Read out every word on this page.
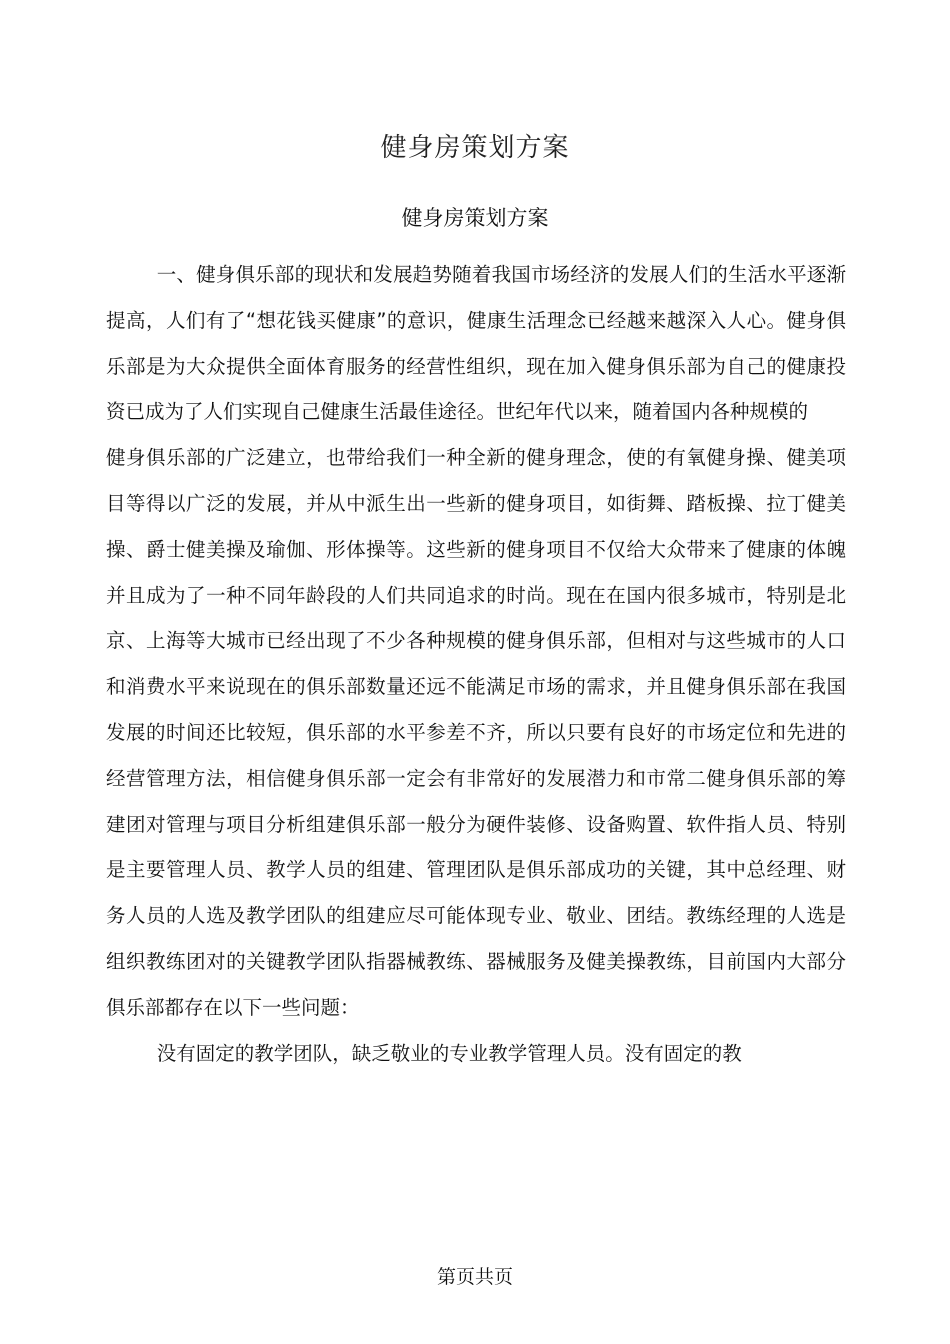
健身房策划方案
健身房策划方案

一、健身俱乐部的现状和发展趋势随着我国市场经济的发展人们的生活水平逐渐提高，人们有了“想花钱买健康”的意识，健康生活理念已经越来越深入人心。健身俱乐部是为大众提供全面体育服务的经营性组织，现在加入健身俱乐部为自己的健康投资已成为了人们实现自己健康生活最佳途径。世纪年代以来，随着国内各种规模的

健身俱乐部的广泛建立，也带给我们一种全新的健身理念，使的有氧健身操、健美项目等得以广泛的发展，并从中派生出一些新的健身项目，如街舞、踏板操、拉丁健美操、爵士健美操及瑜伽、形体操等。这些新的健身项目不仅给大众带来了健康的体魄并且成为了一种不同年龄段的人们共同追求的时尚。现在在国内很多城市，特别是北京、上海等大城市已经出现了不少各种规模的健身俱乐部，但相对与这些城市的人口和消费水平来说现在的俱乐部数量还远不能满足市场的需求，并且健身俱乐部在我国发展的时间还比较短，俱乐部的水平参差不齐，所以只要有良好的市场定位和先进的经营管理方法，相信健身俱乐部一定会有非常好的发展潜力和市常二健身俱乐部的筹建团对管理与项目分析组建俱乐部一般分为硬件装修、设备购置、软件指人员、特别是主要管理人员、教学人员的组建、管理团队是俱乐部成功的关键，其中总经理、财务人员的人选及教学团队的组建应尽可能体现专业、敬业、团结。教练经理的人选是组织教练团对的关键教学团队指器械教练、器械服务及健美操教练，目前国内大部分俱乐部都存在以下一些问题：

没有固定的教学团队，缺乏敬业的专业教学管理人员。没有固定的教

第页共页
